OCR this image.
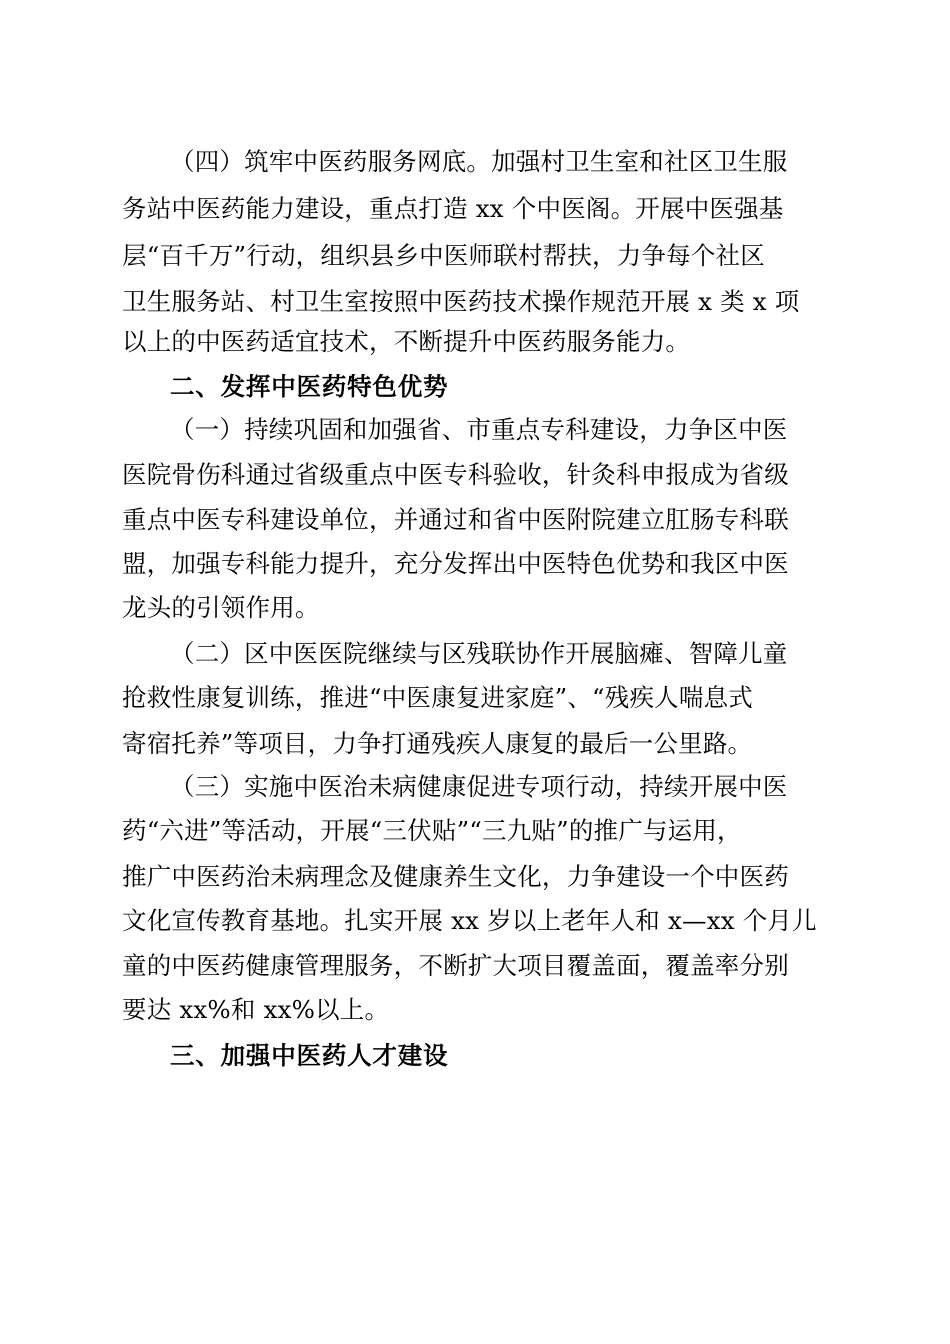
（四）筑牢中医药服务网底。加强村卫生室和社区卫生服
务站中医药能力建设，重点打造 xx 个中医阁。开展中医强基
层“百千万”行动，组织县乡中医师联村帮扶，力争每个社区
卫生服务站、村卫生室按照中医药技术操作规范开展 x 类 x 项
以上的中医药适宜技术，不断提升中医药服务能力。
二、发挥中医药特色优势
（一）持续巩固和加强省、市重点专科建设，力争区中医
医院骨伤科通过省级重点中医专科验收，针灸科申报成为省级
重点中医专科建设单位，并通过和省中医附院建立肛肠专科联
盟，加强专科能力提升，充分发挥出中医特色优势和我区中医
龙头的引领作用。
（二）区中医医院继续与区残联协作开展脑瘫、智障儿童
抢救性康复训练，推进“中医康复进家庭”、“残疾人喘息式
寄宿托养”等项目，力争打通残疾人康复的最后一公里路。
（三）实施中医治未病健康促进专项行动，持续开展中医
药“六进”等活动，开展“三伏贴”“三九贴”的推广与运用，
推广中医药治未病理念及健康养生文化，力争建设一个中医药
文化宣传教育基地。扎实开展 xx 岁以上老年人和 x—xx 个月儿
童的中医药健康管理服务，不断扩大项目覆盖面，覆盖率分别
要达 xx%和 xx%以上。
三、加强中医药人才建设
